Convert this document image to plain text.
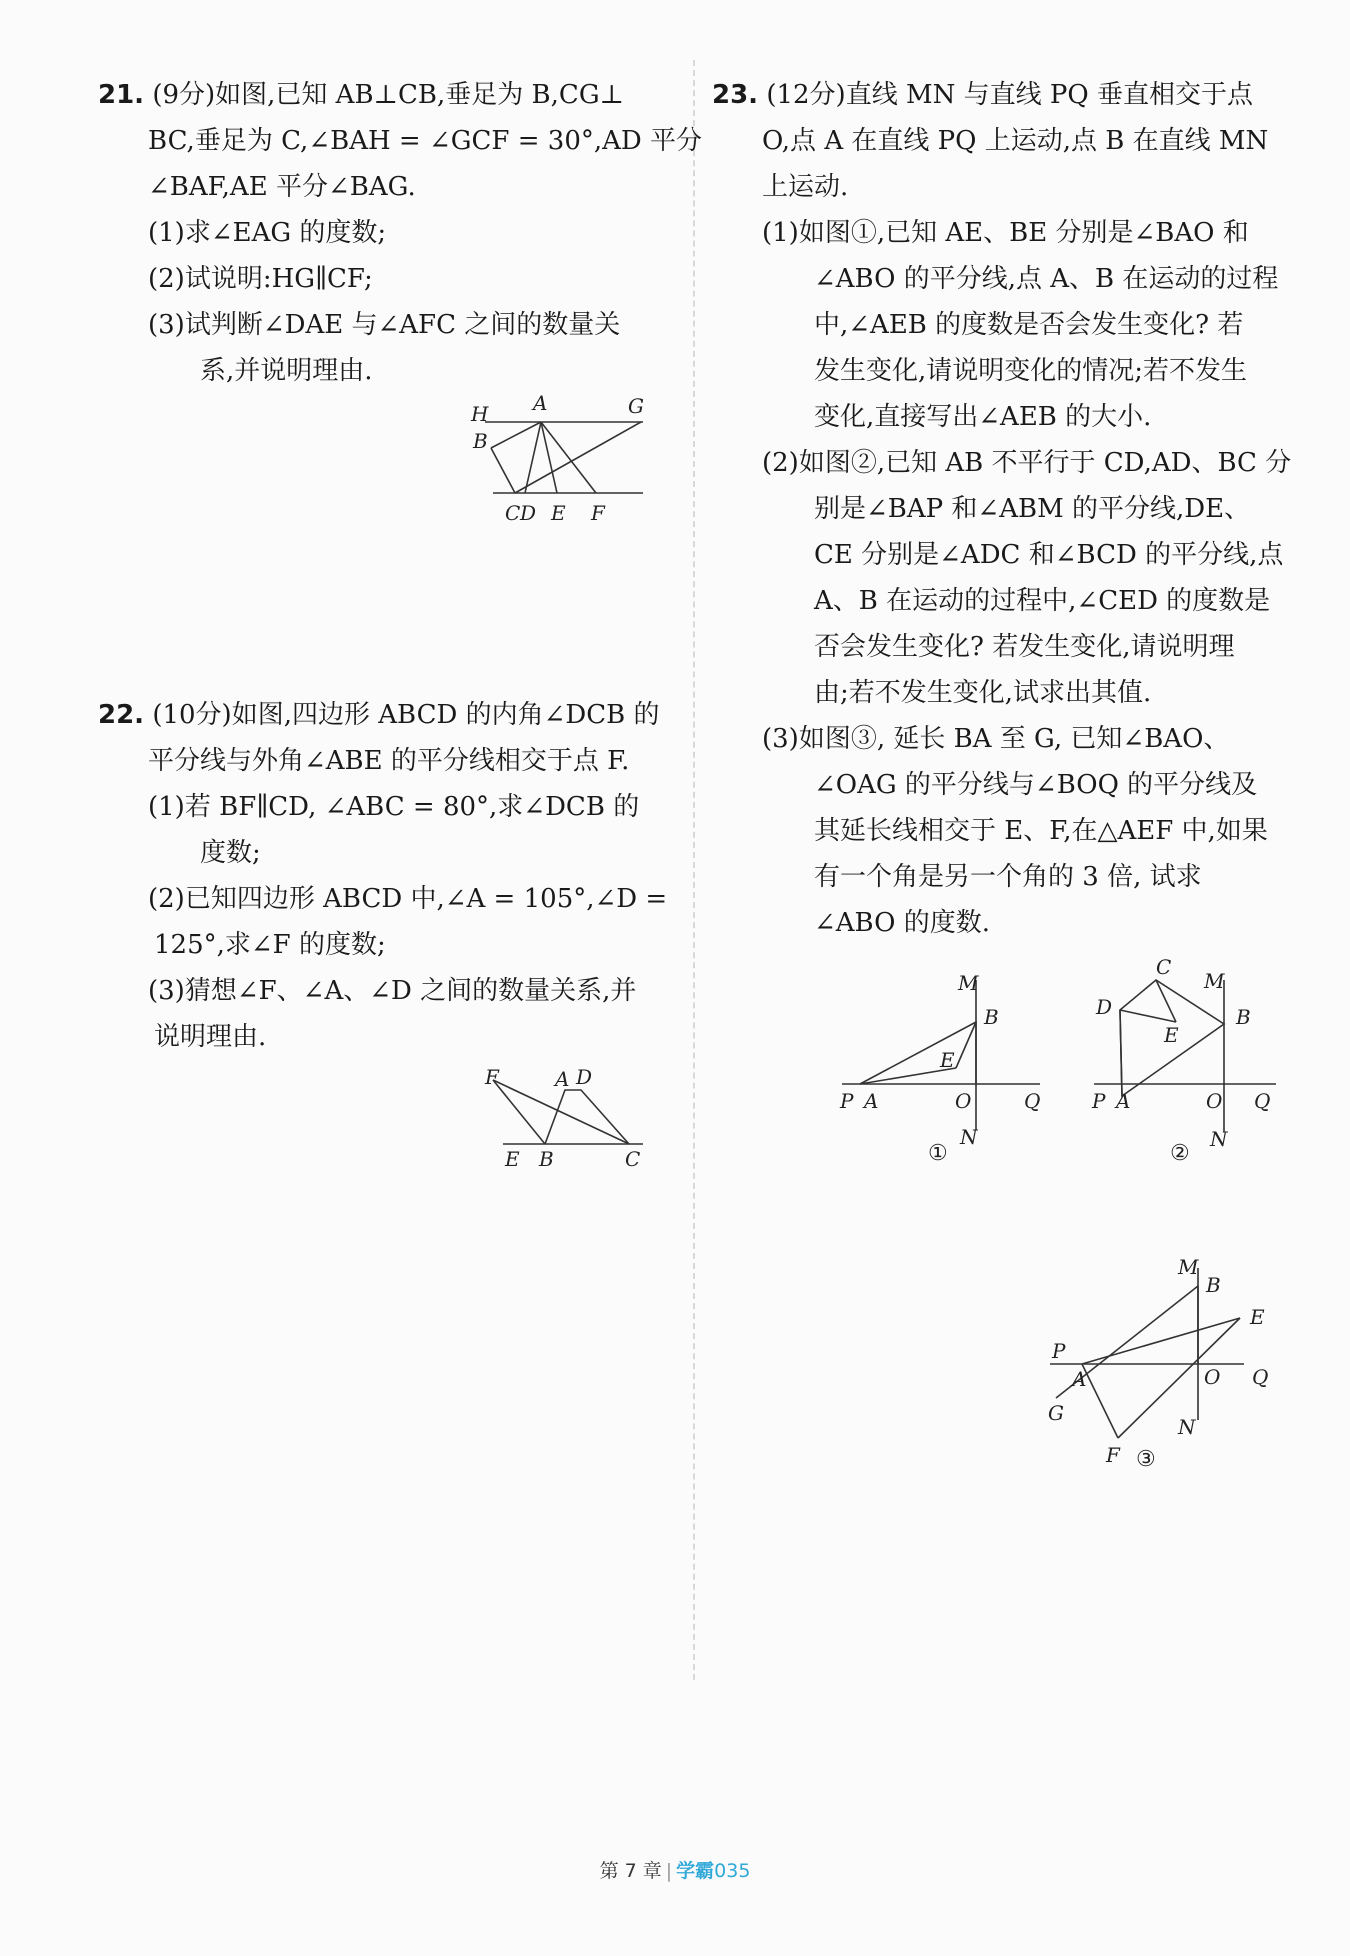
21. (9分)如图,已知 AB⊥CB,垂足为 B,CG⊥
BC,垂足为 C,∠BAH = ∠GCF = 30°,AD 平分
∠BAF,AE 平分∠BAG.
(1)求∠EAG 的度数;
(2)试说明:HG∥CF;
(3)试判断∠DAE 与∠AFC 之间的数量关
系,并说明理由.
H A	G
B
C D E F
22. (10分)如图,四边形 ABCD 的内角∠DCB 的
平分线与外角∠ABE 的平分线相交于点 F.
(1)若 BF∥CD, ∠ABC = 80°,求∠DCB 的
度数;
(2)已知四边形 ABCD 中,∠A = 105°,∠D =
125°,求∠F 的度数;
(3)猜想∠F、∠A、∠D 之间的数量关系,并
说明理由.
F	A D
E B	C
23. (12分)直线 MN 与直线 PQ 垂直相交于点
O,点 A 在直线 PQ 上运动,点 B 在直线 MN
上运动.
(1)如图①,已知 AE、BE 分别是∠BAO 和
∠ABO 的平分线,点 A、B 在运动的过程
中,∠AEB 的度数是否会发生变化? 若
发生变化,请说明变化的情况;若不发生
变化,直接写出∠AEB 的大小.
(2)如图②,已知 AB 不平行于 CD,AD、BC 分
别是∠BAP 和∠ABM 的平分线,DE、
CE 分别是∠ADC 和∠BCD 的平分线,点
A、B 在运动的过程中,∠CED 的度数是
否会发生变化? 若发生变化,请说明理
由;若不发生变化,试求出其值.
(3)如图③, 延长 BA 至 G, 已知∠BAO、
∠OAG 的平分线与∠BOQ 的平分线及
其延长线相交于 E、F,在△AEF 中,如果
有一个角是另一个角的 3 倍, 试求
∠ABO 的度数.
M
B
E
P A	O	Q
N
①
C
M
B
D
E
P A	O Q
N
②
M
B
E
P
A	O Q
G
N
F ③
第 7 章 | 学霸035
